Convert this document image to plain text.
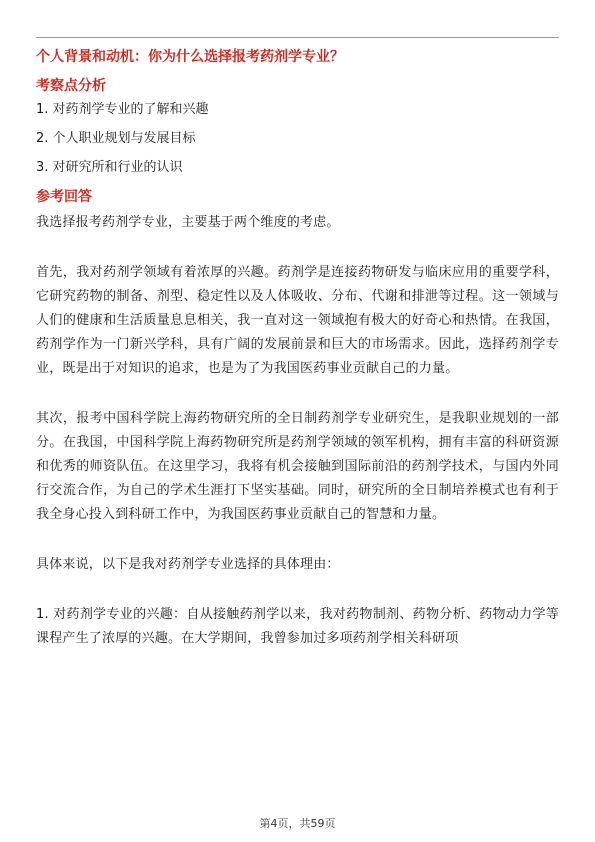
个人背景和动机：你为什么选择报考药剂学专业？
考察点分析
1. 对药剂学专业的了解和兴趣
2. 个人职业规划与发展目标
3. 对研究所和行业的认识
参考回答

我选择报考药剂学专业，主要基于两个维度的考虑。

首先，我对药剂学领域有着浓厚的兴趣。药剂学是连接药物研发与临床应用的重要学科，它研究药物的制备、剂型、稳定性以及人体吸收、分布、代谢和排泄等过程。这一领域与人们的健康和生活质量息息相关，我一直对这一领域抱有极大的好奇心和热情。在我国，药剂学作为一门新兴学科，具有广阔的发展前景和巨大的市场需求。因此，选择药剂学专业，既是出于对知识的追求，也是为了为我国医药事业贡献自己的力量。

其次，报考中国科学院上海药物研究所的全日制药剂学专业研究生，是我职业规划的一部分。在我国，中国科学院上海药物研究所是药剂学领域的领军机构，拥有丰富的科研资源和优秀的师资队伍。在这里学习，我将有机会接触到国际前沿的药剂学技术，与国内外同行交流合作，为自己的学术生涯打下坚实基础。同时，研究所的全日制培养模式也有利于我全身心投入到科研工作中，为我国医药事业贡献自己的智慧和力量。

具体来说，以下是我对药剂学专业选择的具体理由：

1. 对药剂学专业的兴趣：自从接触药剂学以来，我对药物制剂、药物分析、药物动力学等课程产生了浓厚的兴趣。在大学期间，我曾参加过多项药剂学相关科研项

第4页，共59页
